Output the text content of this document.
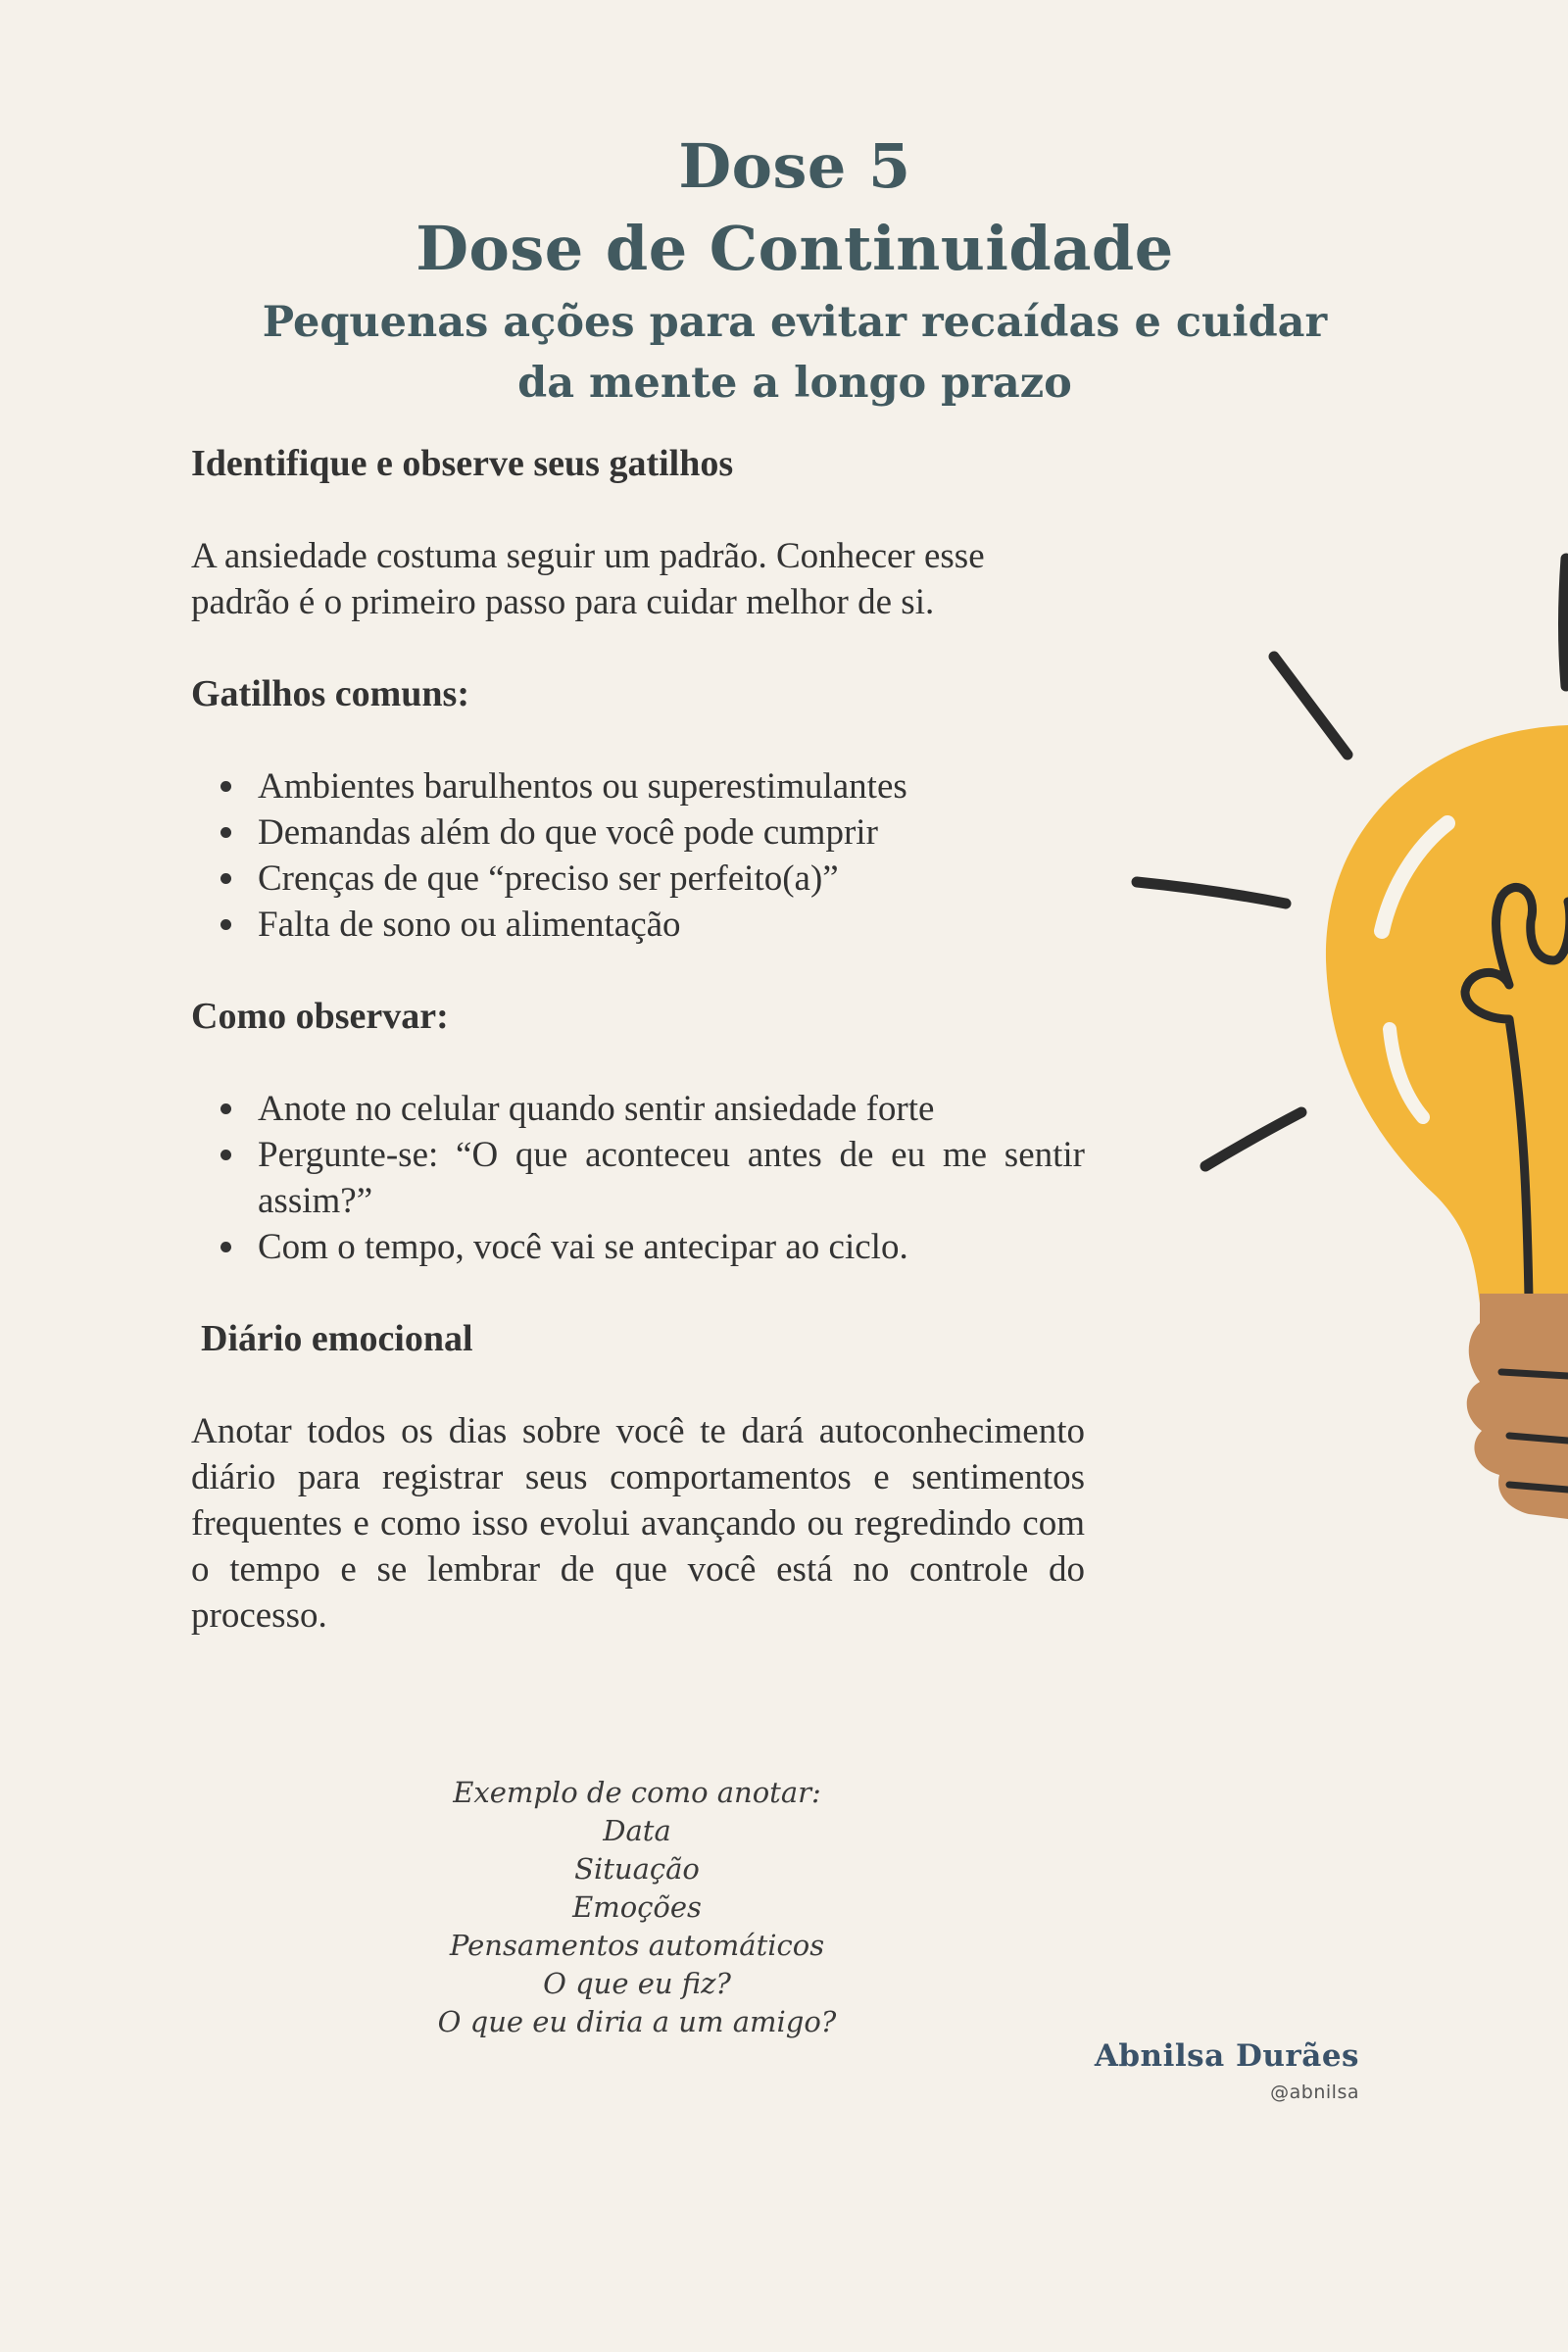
Dose 5
Dose de Continuidade
Pequenas ações para evitar recaídas e cuidar da mente a longo prazo
Identifique e observe seus gatilhos

A ansiedade costuma seguir um padrão. Conhecer esse padrão é o primeiro passo para cuidar melhor de si.

Gatilhos comuns:
Ambientes barulhentos ou superestimulantes
Demandas além do que você pode cumprir
Crenças de que “preciso ser perfeito(a)”
Falta de sono ou alimentação
Como observar:
Anote no celular quando sentir ansiedade forte
Pergunte-se: “O que aconteceu antes de eu me sentir assim?”
Com o tempo, você vai se antecipar ao ciclo.
Diário emocional

Anotar todos os dias sobre você te dará autoconhecimento diário para registrar seus comportamentos e sentimentos frequentes e como isso evolui avançando ou regredindo com o tempo e se lembrar de que você está no controle do processo.

Exemplo de como anotar:
Data
Situação
Emoções
Pensamentos automáticos
O que eu fiz?
O que eu diria a um amigo?
Abnilsa Durães
@abnilsa
